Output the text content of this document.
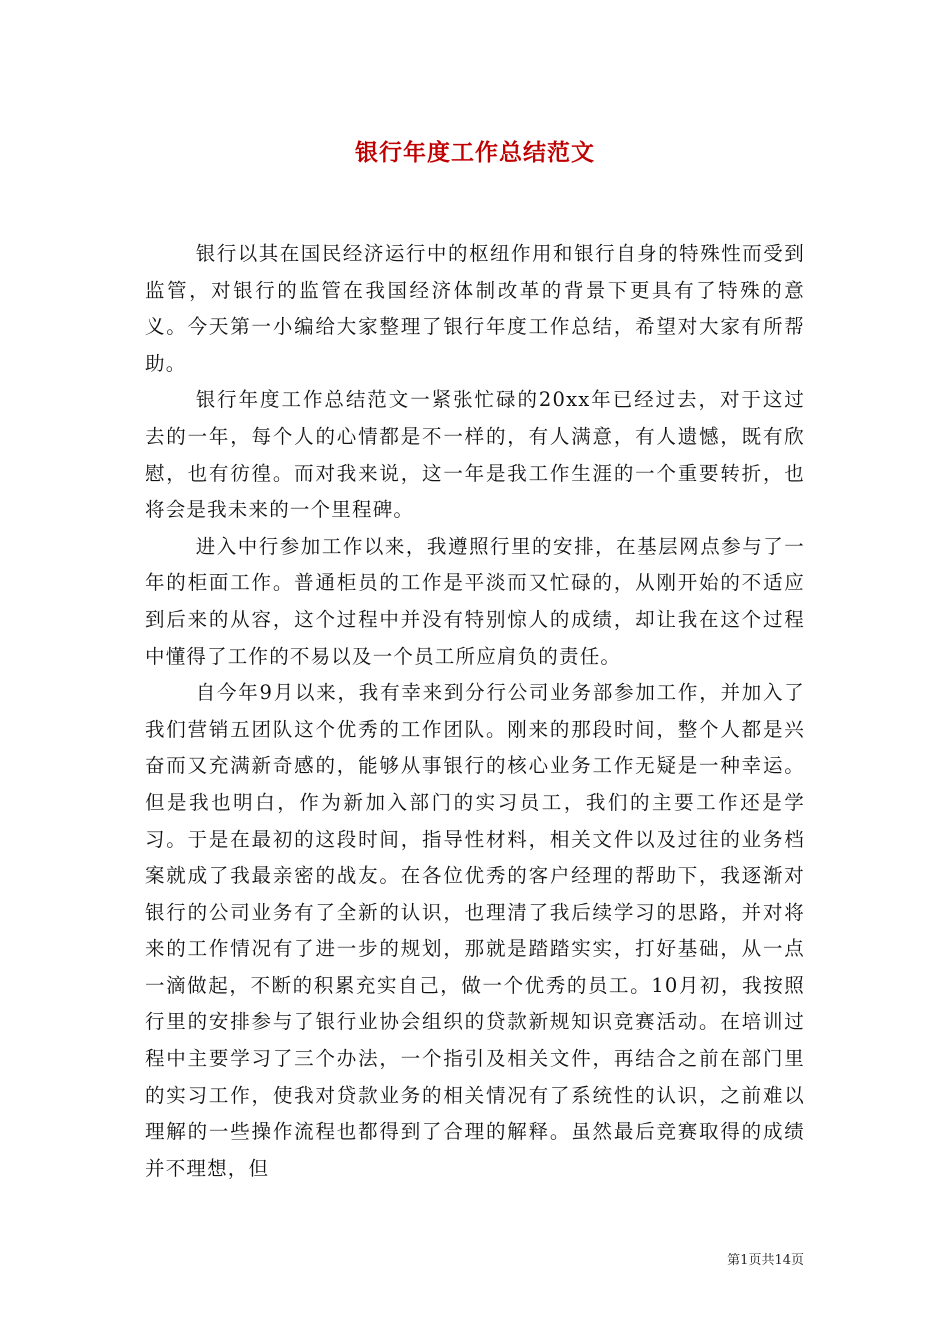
银行年度工作总结范文

银行以其在国民经济运行中的枢纽作用和银行自身的特殊性而受到监管，对银行的监管在我国经济体制改革的背景下更具有了特殊的意义。今天第一小编给大家整理了银行年度工作总结，希望对大家有所帮助。

银行年度工作总结范文一紧张忙碌的20xx年已经过去，对于这过去的一年，每个人的心情都是不一样的，有人满意，有人遗憾，既有欣慰，也有彷徨。而对我来说，这一年是我工作生涯的一个重要转折，也将会是我未来的一个里程碑。

进入中行参加工作以来，我遵照行里的安排，在基层网点参与了一年的柜面工作。普通柜员的工作是平淡而又忙碌的，从刚开始的不适应到后来的从容，这个过程中并没有特别惊人的成绩，却让我在这个过程中懂得了工作的不易以及一个员工所应肩负的责任。

自今年9月以来，我有幸来到分行公司业务部参加工作，并加入了我们营销五团队这个优秀的工作团队。刚来的那段时间，整个人都是兴奋而又充满新奇感的，能够从事银行的核心业务工作无疑是一种幸运。但是我也明白，作为新加入部门的实习员工，我们的主要工作还是学习。于是在最初的这段时间，指导性材料，相关文件以及过往的业务档案就成了我最亲密的战友。在各位优秀的客户经理的帮助下，我逐渐对银行的公司业务有了全新的认识，也理清了我后续学习的思路，并对将来的工作情况有了进一步的规划，那就是踏踏实实，打好基础，从一点一滴做起，不断的积累充实自己，做一个优秀的员工。10月初，我按照行里的安排参与了银行业协会组织的贷款新规知识竞赛活动。在培训过程中主要学习了三个办法，一个指引及相关文件，再结合之前在部门里的实习工作，使我对贷款业务的相关情况有了系统性的认识，之前难以理解的一些操作流程也都得到了合理的解释。虽然最后竞赛取得的成绩并不理想，但

第1页共14页
